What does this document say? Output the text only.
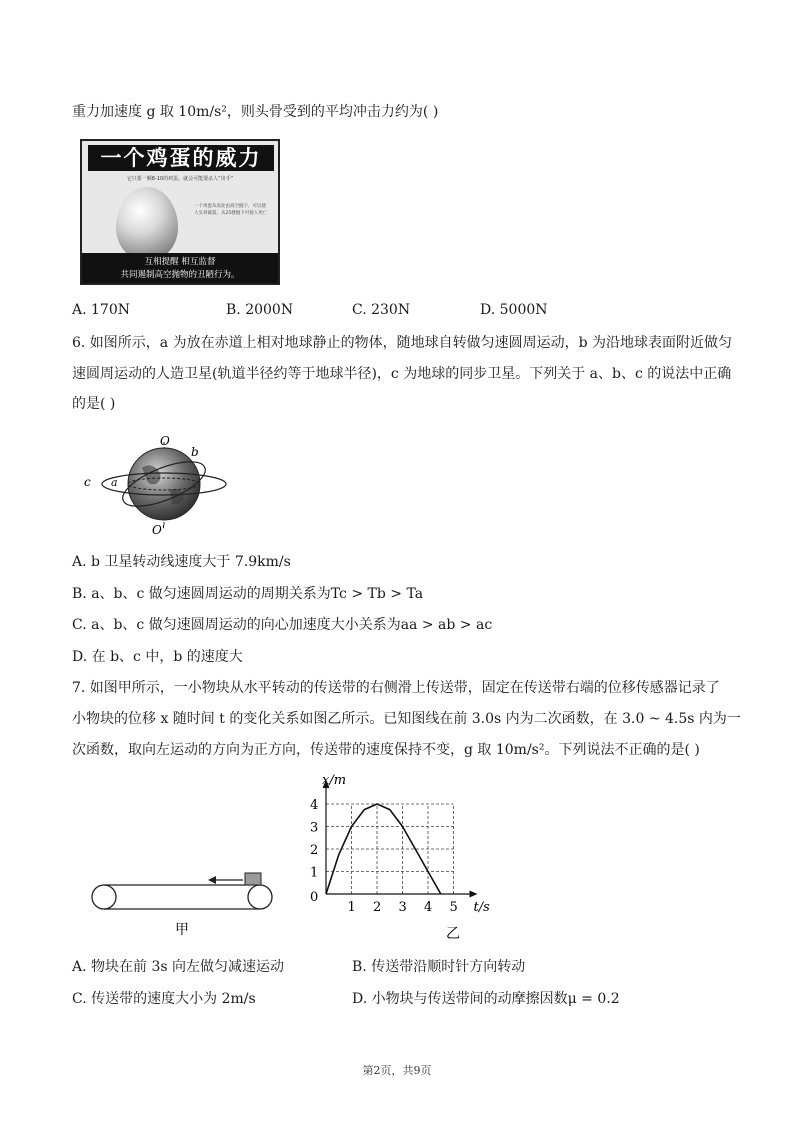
重力加速度 g 取 10m/s²，则头骨受到的平均冲击力约为( )
一个鸡蛋的威力
它只要一颗8-10的鸡蛋，就会可能要杀人“出手”
一个鸡蛋从高处由高空抛下，可以使人头骨破裂，从25楼抛下可使人死亡
互相提醒 相互监督
共同遏制高空抛物的丑陋行为。
A. 170N	B. 2000N	C. 230N	D. 5000N
6. 如图所示，a 为放在赤道上相对地球静止的物体，随地球自转做匀速圆周运动，b 为沿地球表面附近做匀
速圆周运动的人造卫星(轨道半径约等于地球半径)，c 为地球的同步卫星。下列关于 a、b、c 的说法中正确
的是( )
O
O'
b
c a
A. b 卫星转动线速度大于 7.9km/s
B. a、b、c 做匀速圆周运动的周期关系为Tc > Tb > Ta
C. a、b、c 做匀速圆周运动的向心加速度大小关系为aa > ab > ac
D. 在 b、c 中，b 的速度大
7. 如图甲所示，一小物块从水平转动的传送带的右侧滑上传送带，固定在传送带右端的位移传感器记录了
小物块的位移 x 随时间 t 的变化关系如图乙所示。已知图线在前 3.0s 内为二次函数，在 3.0 ~ 4.5s 内为一
次函数，取向左运动的方向为正方向，传送带的速度保持不变，g 取 10m/s²。下列说法不正确的是( )
甲
t/s
x/m
1 2 3 4 5
0
1
2
3
4
乙
A. 物块在前 3s 向左做匀减速运动	B. 传送带沿顺时针方向转动
C. 传送带的速度大小为 2m/s	D. 小物块与传送带间的动摩擦因数μ = 0.2
第2页，共9页
